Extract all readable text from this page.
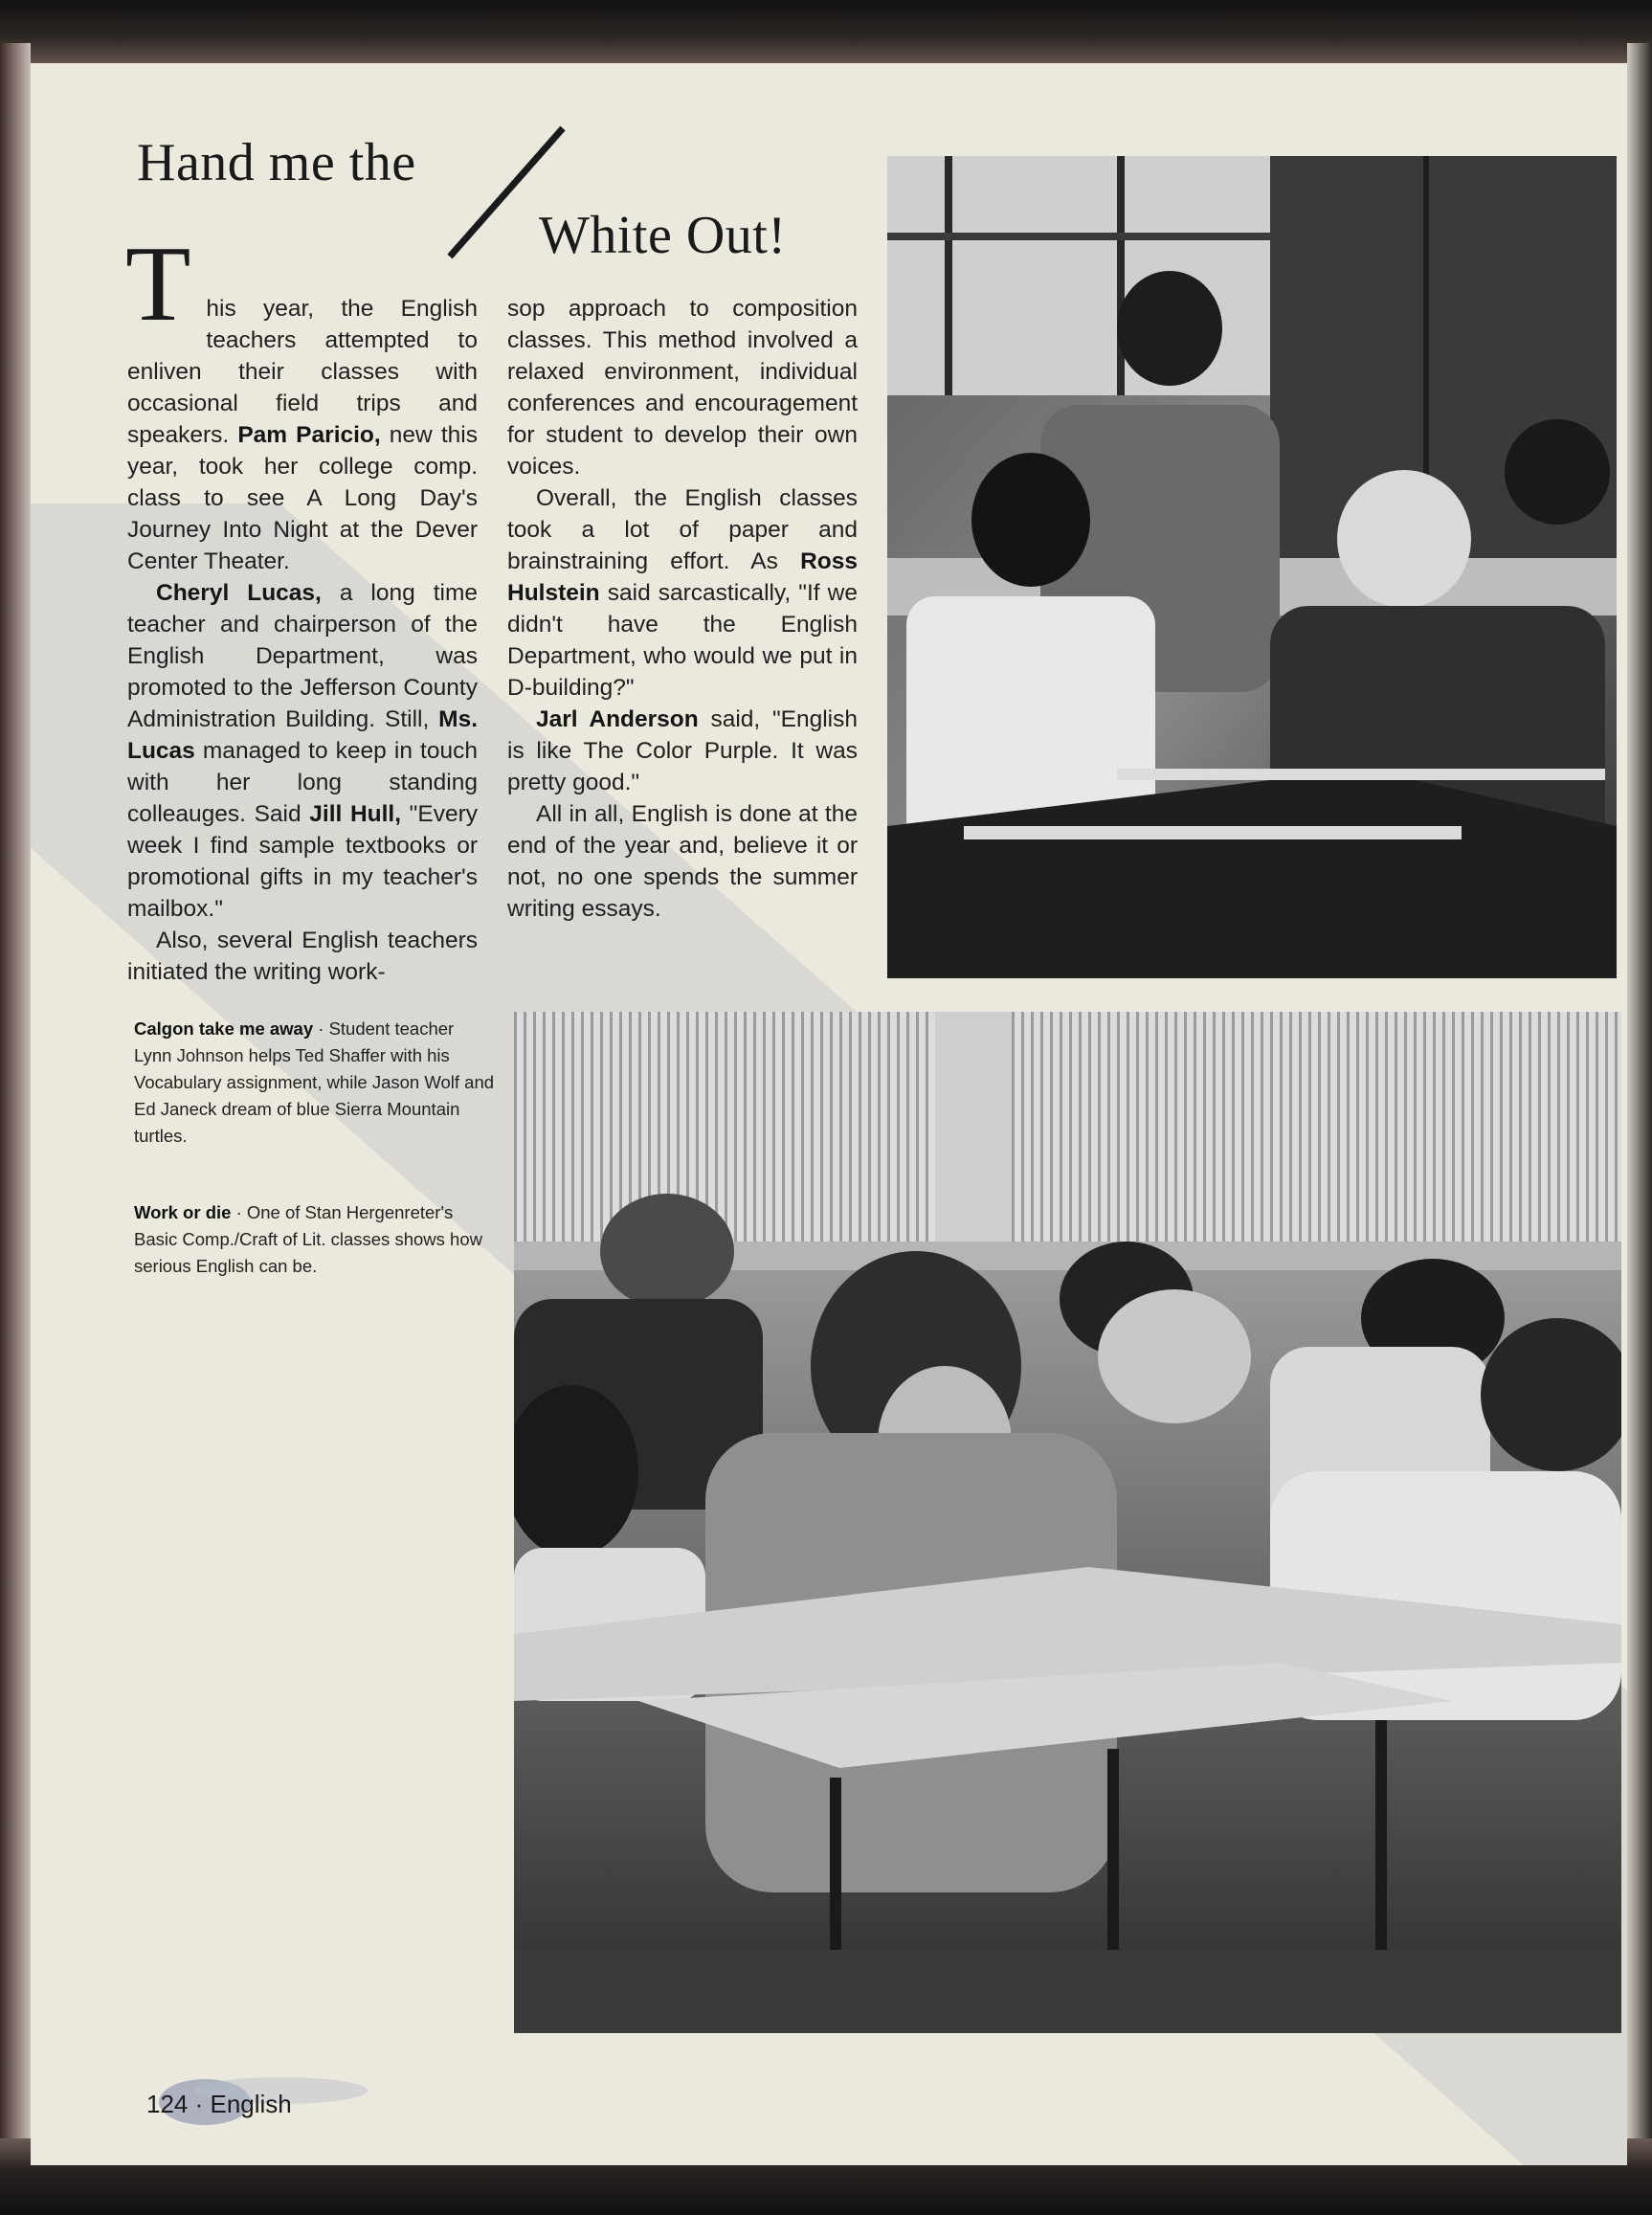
Hand me the
White Out!

T his year, the English teachers attempted to enliven their classes with occasional field trips and speakers. Pam Paricio, new this year, took her college comp. class to see A Long Day's Journey Into Night at the Dever Center Theater.

Cheryl Lucas, a long time teacher and chairperson of the English Department, was promoted to the Jefferson County Administration Building. Still, Ms. Lucas managed to keep in touch with her long standing colleauges. Said Jill Hull, "Every week I find sample textbooks or promotional gifts in my teacher's mailbox."

Also, several English teachers initiated the writing work-

sop approach to composition classes. This method involved a relaxed environment, individual conferences and encouragement for student to develop their own voices.

Overall, the English classes took a lot of paper and brainstraining effort. As Ross Hulstein said sarcastically, "If we didn't have the English Department, who would we put in D-building?"

Jarl Anderson said, "English is like The Color Purple. It was pretty good."

All in all, English is done at the end of the year and, believe it or not, no one spends the summer writing essays.

Calgon take me away · Student teacher Lynn Johnson helps Ted Shaffer with his Vocabulary assignment, while Jason Wolf and Ed Janeck dream of blue Sierra Mountain turtles.
Work or die · One of Stan Hergenreter's Basic Comp./Craft of Lit. classes shows how serious English can be.
124 · English
